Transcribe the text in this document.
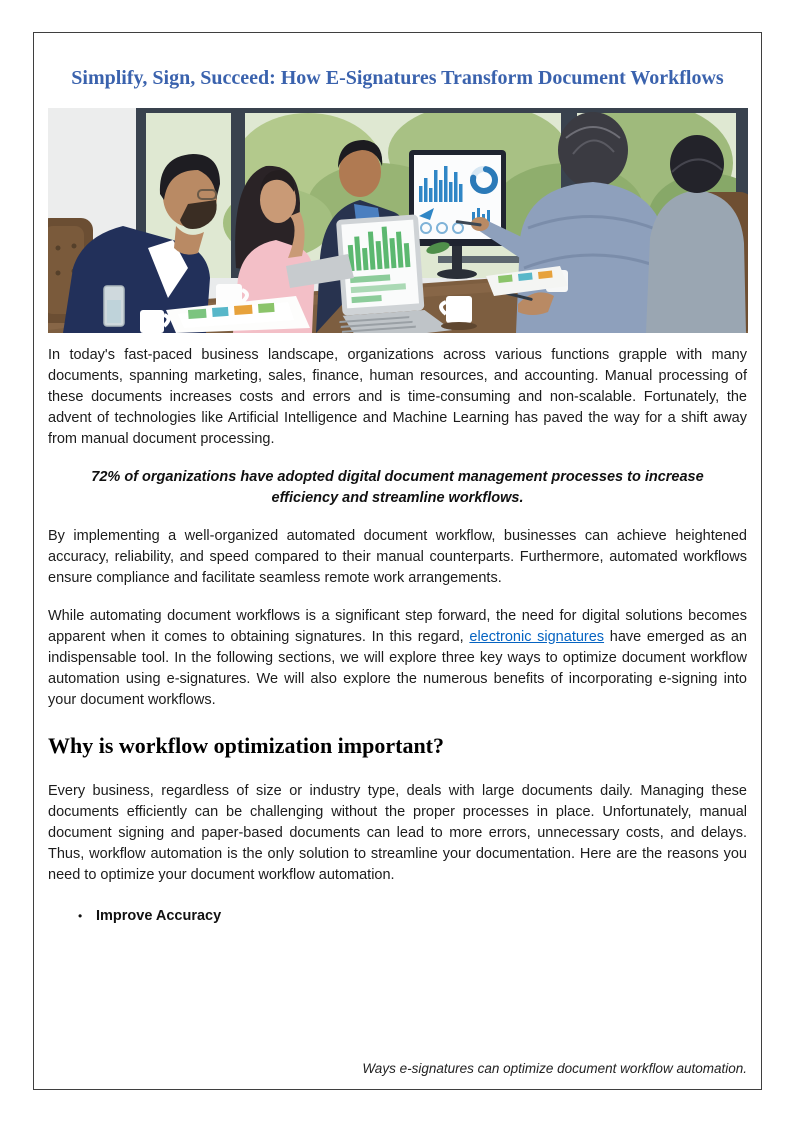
Simplify, Sign, Succeed: How E-Signatures Transform Document Workflows

In today's fast-paced business landscape, organizations across various functions grapple with many documents, spanning marketing, sales, finance, human resources, and accounting. Manual processing of these documents increases costs and errors and is time-consuming and non-scalable. Fortunately, the advent of technologies like Artificial Intelligence and Machine Learning has paved the way for a shift away from manual document processing.

72% of organizations have adopted digital document management processes to increase efficiency and streamline workflows.

By implementing a well-organized automated document workflow, businesses can achieve heightened accuracy, reliability, and speed compared to their manual counterparts. Furthermore, automated workflows ensure compliance and facilitate seamless remote work arrangements.

While automating document workflows is a significant step forward, the need for digital solutions becomes apparent when it comes to obtaining signatures. In this regard, electronic signatures have emerged as an indispensable tool. In the following sections, we will explore three key ways to optimize document workflow automation using e-signatures. We will also explore the numerous benefits of incorporating e-signing into your document workflows.

Why is workflow optimization important?

Every business, regardless of size or industry type, deals with large documents daily. Managing these documents efficiently can be challenging without the proper processes in place. Unfortunately, manual document signing and paper-based documents can lead to more errors, unnecessary costs, and delays. Thus, workflow automation is the only solution to streamline your documentation. Here are the reasons you need to optimize your document workflow automation.

• Improve Accuracy
Ways e-signatures can optimize document workflow automation.
